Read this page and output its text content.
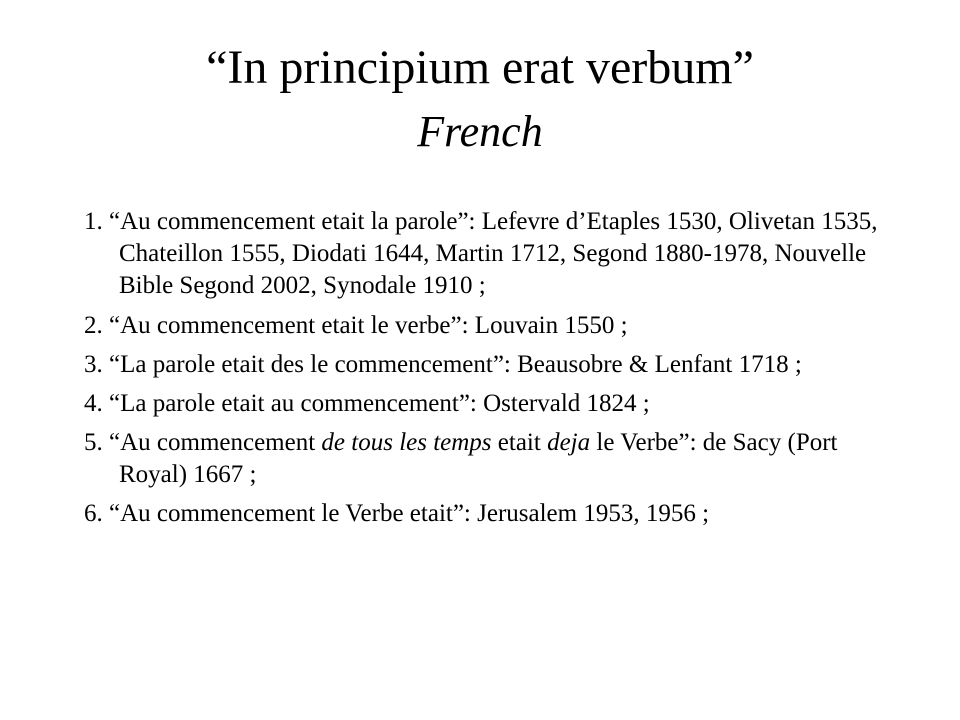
“In principium erat verbum”
French
1. “Au commencement etait la parole”: Lefevre d’Etaples 1530, Olivetan 1535, Chateillon 1555, Diodati 1644, Martin 1712, Segond 1880-1978, Nouvelle Bible Segond 2002, Synodale 1910 ;
2. “Au commencement etait le verbe”: Louvain 1550 ;
3. “La parole etait des le commencement”: Beausobre & Lenfant 1718 ;
4. “La parole etait au commencement”: Ostervald 1824 ;
5. “Au commencement de tous les temps etait deja le Verbe”: de Sacy (Port Royal) 1667 ;
6. “Au commencement le Verbe etait”: Jerusalem 1953, 1956 ;
